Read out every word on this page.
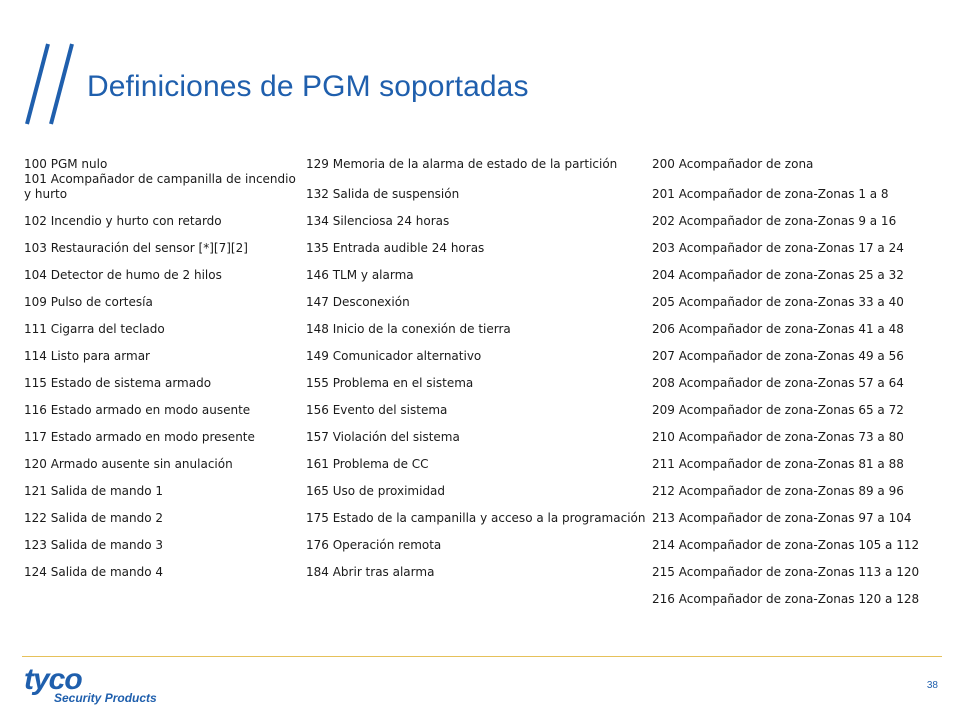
Definiciones de PGM soportadas
100 PGM nulo	129 Memoria de la alarma de estado de la partición	200 Acompañador de zona
101 Acompañador de campanilla de incendio y hurto	132 Salida de suspensión	201 Acompañador de zona-Zonas 1 a 8
102 Incendio y hurto con retardo	134 Silenciosa 24 horas	202 Acompañador de zona-Zonas 9 a 16
103 Restauración del sensor [*][7][2]	135 Entrada audible 24 horas	203 Acompañador de zona-Zonas 17 a 24
104 Detector de humo de 2 hilos	146 TLM y alarma	204 Acompañador de zona-Zonas 25 a 32
109 Pulso de cortesía	147 Desconexión	205 Acompañador de zona-Zonas 33 a 40
111 Cigarra del teclado	148 Inicio de la conexión de tierra	206 Acompañador de zona-Zonas 41 a 48
114 Listo para armar	149 Comunicador alternativo	207 Acompañador de zona-Zonas 49 a 56
115 Estado de sistema armado	155 Problema en el sistema	208 Acompañador de zona-Zonas 57 a 64
116 Estado armado en modo ausente	156 Evento del sistema	209 Acompañador de zona-Zonas 65 a 72
117 Estado armado en modo presente	157 Violación del sistema	210 Acompañador de zona-Zonas 73 a 80
120 Armado ausente sin anulación	161 Problema de CC	211 Acompañador de zona-Zonas 81 a 88
121 Salida de mando 1	165 Uso de proximidad	212 Acompañador de zona-Zonas 89 a 96
122 Salida de mando 2	175 Estado de la campanilla y acceso a la programación	213 Acompañador de zona-Zonas 97 a 104
123 Salida de mando 3	176 Operación remota	214 Acompañador de zona-Zonas 105 a 112
124 Salida de mando 4	184 Abrir tras alarma	215 Acompañador de zona-Zonas 113 a 120
		216 Acompañador de zona-Zonas 120 a 128
tyco
Security Products
38
